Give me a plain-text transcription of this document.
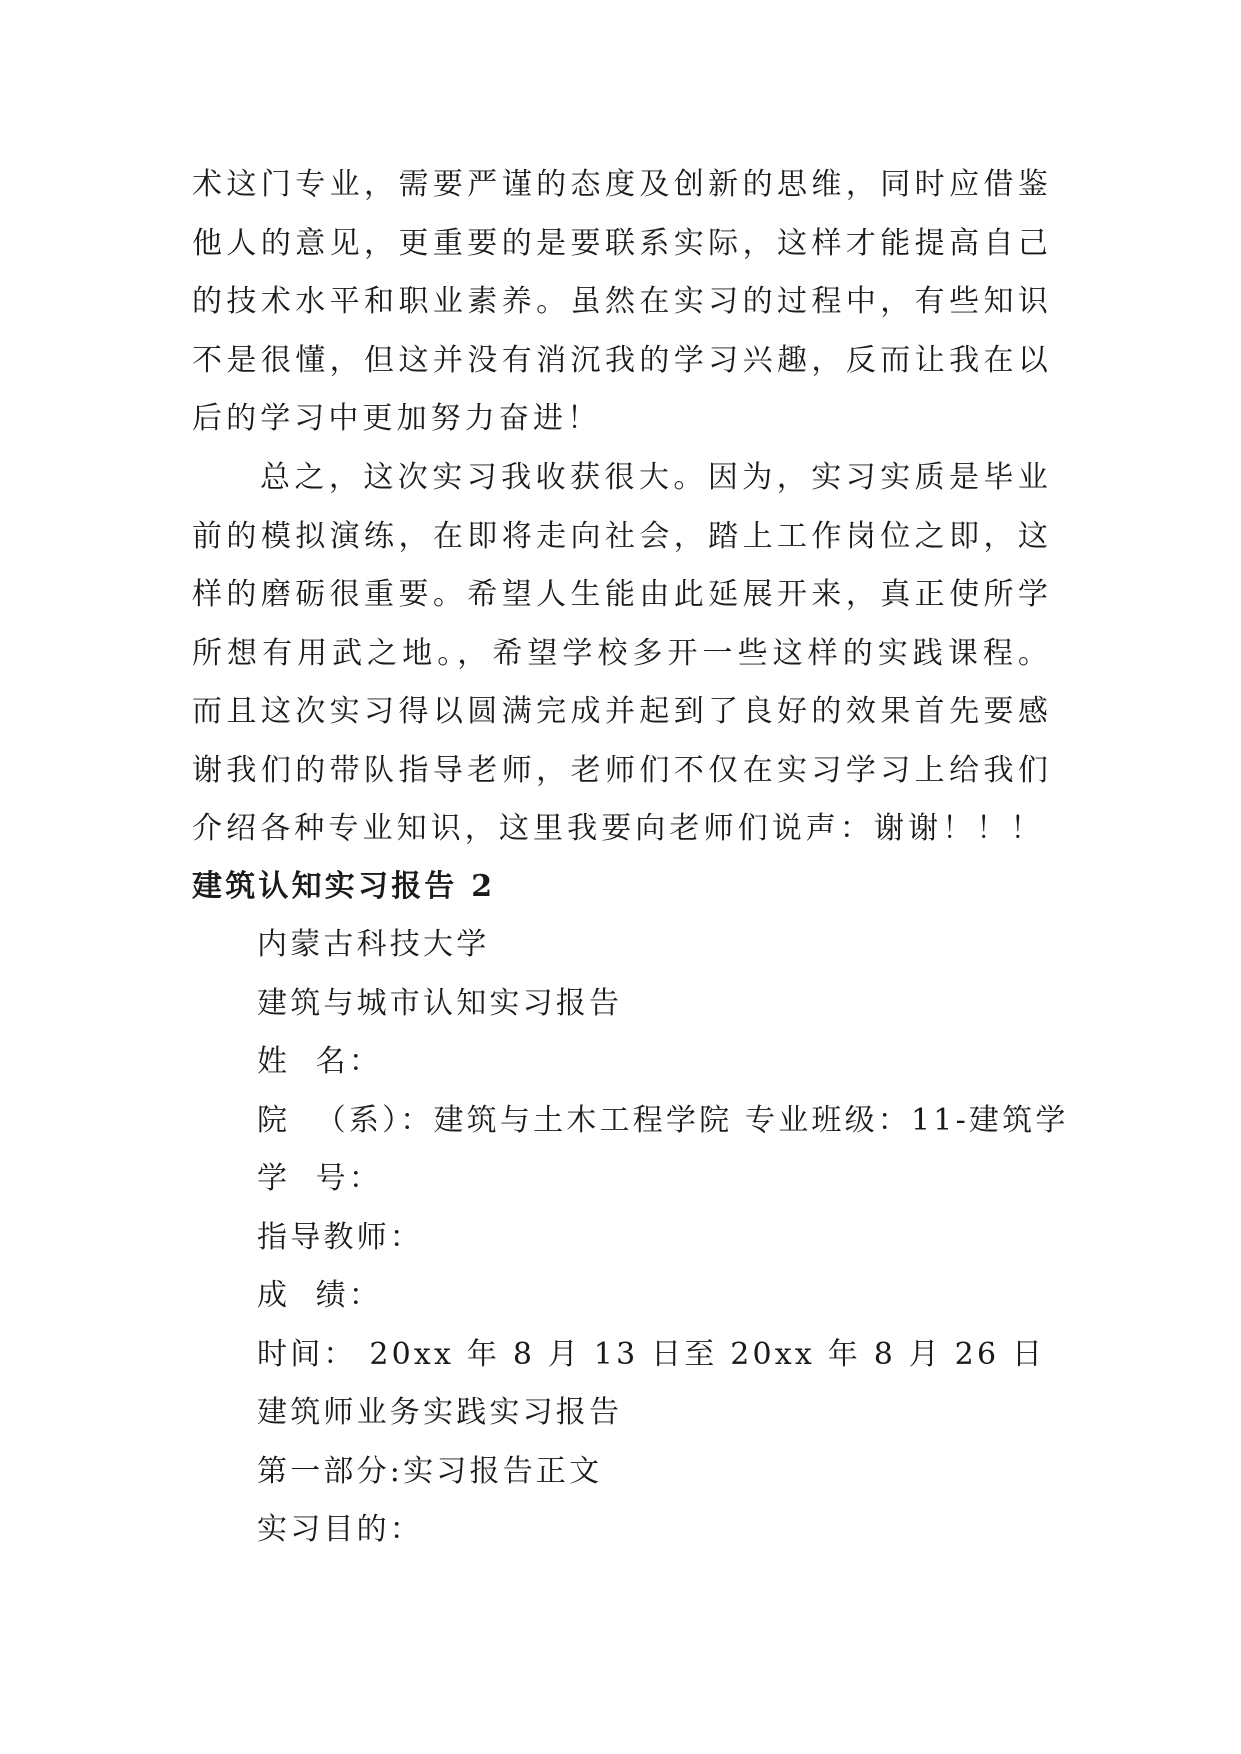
术这门专业，需要严谨的态度及创新的思维，同时应借鉴他人的意见，更重要的是要联系实际，这样才能提高自己的技术水平和职业素养。虽然在实习的过程中，有些知识不是很懂，但这并没有消沉我的学习兴趣，反而让我在以后的学习中更加努力奋进！

总之，这次实习我收获很大。因为，实习实质是毕业前的模拟演练，在即将走向社会，踏上工作岗位之即，这样的磨砺很重要。希望人生能由此延展开来，真正使所学所想有用武之地。，希望学校多开一些这样的实践课程。而且这次实习得以圆满完成并起到了良好的效果首先要感谢我们的带队指导老师，老师们不仅在实习学习上给我们介绍各种专业知识，这里我要向老师们说声：谢谢！！！

建筑认知实习报告 2
内蒙古科技大学
建筑与城市认知实习报告
姓  名：
院  （系）：建筑与土木工程学院 专业班级：11-建筑学
学  号：
指导教师：
成  绩：
时间： 20xx 年 8 月 13 日至 20xx 年 8 月 26 日
建筑师业务实践实习报告
第一部分:实习报告正文
实习目的：
